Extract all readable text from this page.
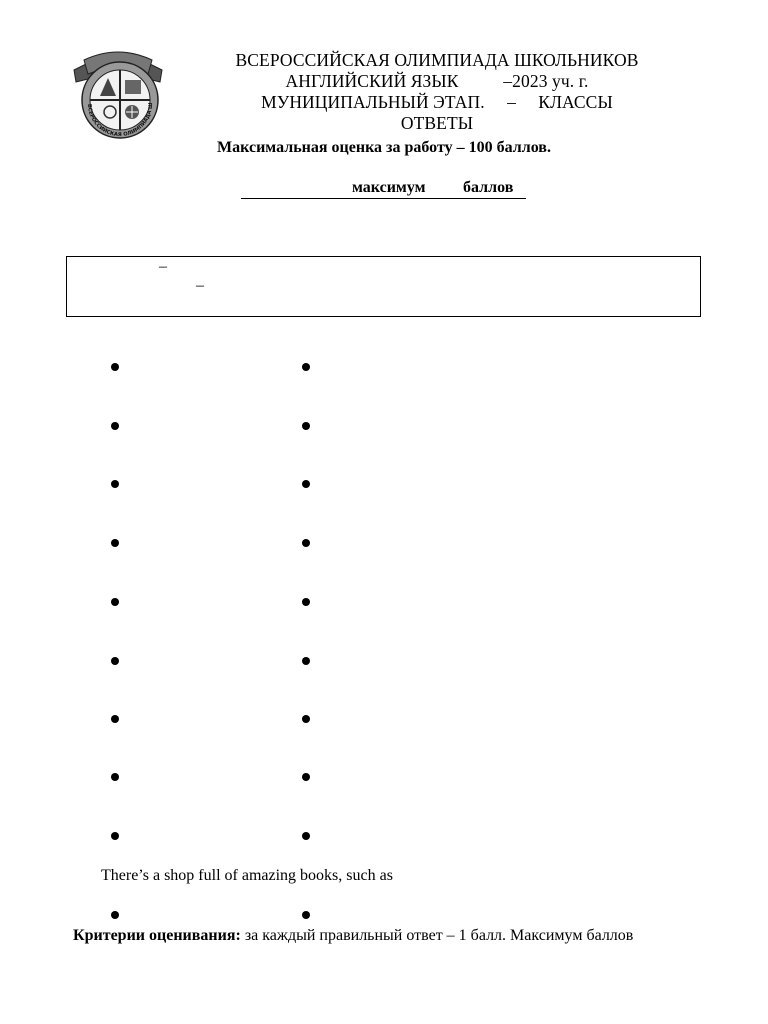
ВСЕРОССИЙСКАЯ ОЛИМПИАДА Ш
ВСЕРОССИЙСКАЯ ОЛИМПИАДА ШКОЛЬНИКОВ
АНГЛИЙСКИЙ ЯЗЫК          –2023 уч. г.
МУНИЦИПАЛЬНЫЙ ЭТАП.     –     КЛАССЫ
ОТВЕТЫ
Максимальная оценка за работу – 100 баллов.
максимум баллов
–
–
There’s a shop full of amazing books, such as
Критерии оценивания: за каждый правильный ответ – 1 балл. Максимум баллов
